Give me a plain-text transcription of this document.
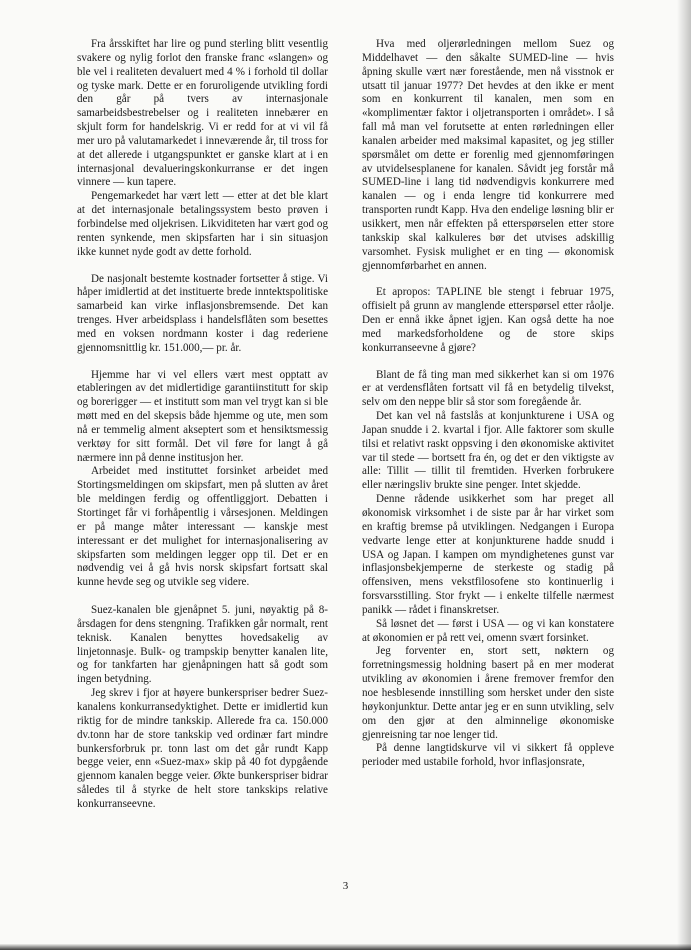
Fra årsskiftet har lire og pund sterling blitt vesentlig svakere og nylig forlot den franske franc «slangen» og ble vel i realiteten devaluert med 4 % i forhold til dollar og tyske mark. Dette er en foruroligende utvikling fordi den går på tvers av internasjonale samarbeidsbestrebelser og i realiteten innebærer en skjult form for handelskrig. Vi er redd for at vi vil få mer uro på valutamarkedet i inneværende år, til tross for at det allerede i utgangspunktet er ganske klart at i en internasjonal devalueringskonkurranse er det ingen vinnere — kun tapere.

Pengemarkedet har vært lett — etter at det ble klart at det internasjonale betalingssystem besto prøven i forbindelse med oljekrisen. Likviditeten har vært god og renten synkende, men skipsfarten har i sin situasjon ikke kunnet nyde godt av dette forhold.

De nasjonalt bestemte kostnader fortsetter å stige. Vi håper imidlertid at det instituerte brede inntektspolitiske samarbeid kan virke inflasjonsbremsende. Det kan trenges. Hver arbeidsplass i handelsflåten som besettes med en voksen nordmann koster i dag rederiene gjennomsnittlig kr. 151.000,— pr. år.

Hjemme har vi vel ellers vært mest opptatt av etableringen av det midlertidige garantiinstitutt for skip og borerigger — et institutt som man vel trygt kan si ble møtt med en del skepsis både hjemme og ute, men som nå er temmelig alment akseptert som et hensiktsmessig verktøy for sitt formål. Det vil føre for langt å gå nærmere inn på denne institusjon her.

Arbeidet med instituttet forsinket arbeidet med Stortingsmeldingen om skipsfart, men på slutten av året ble meldingen ferdig og offentliggjort. Debatten i Stortinget får vi forhåpentlig i vårsesjonen. Meldingen er på mange måter interessant — kanskje mest interessant er det mulighet for internasjonalisering av skipsfarten som meldingen legger opp til. Det er en nødvendig vei å gå hvis norsk skipsfart fortsatt skal kunne hevde seg og utvikle seg videre.

Suez-kanalen ble gjenåpnet 5. juni, nøyaktig på 8-årsdagen for dens stengning. Trafikken går normalt, rent teknisk. Kanalen benyttes hovedsakelig av linjetonnasje. Bulk- og trampskip benytter kanalen lite, og for tankfarten har gjenåpningen hatt så godt som ingen betydning.

Jeg skrev i fjor at høyere bunkerspriser bedrer Suez-kanalens konkurransedyktighet. Dette er imidlertid kun riktig for de mindre tankskip. Allerede fra ca. 150.000 dv.tonn har de store tankskip ved ordinær fart mindre bunkersforbruk pr. tonn last om det går rundt Kapp begge veier, enn «Suez-max» skip på 40 fot dypgående gjennom kanalen begge veier. Økte bunkerspriser bidrar således til å styrke de helt store tankskips relative konkurranseevne.

Hva med oljerørledningen mellom Suez og Middelhavet — den såkalte SUMED-line — hvis åpning skulle vært nær forestående, men nå visstnok er utsatt til januar 1977? Det hevdes at den ikke er ment som en konkurrent til kanalen, men som en «komplimentær faktor i oljetransporten i området». I så fall må man vel forutsette at enten rørledningen eller kanalen arbeider med maksimal kapasitet, og jeg stiller spørsmålet om dette er forenlig med gjennomføringen av utvidelsesplanene for kanalen. Såvidt jeg forstår må SUMED-line i lang tid nødvendigvis konkurrere med kanalen — og i enda lengre tid konkurrere med transporten rundt Kapp. Hva den endelige løsning blir er usikkert, men når effekten på etterspørselen etter store tankskip skal kalkuleres bør det utvises adskillig varsomhet. Fysisk mulighet er en ting — økonomisk gjennomførbarhet en annen.

Et apropos: TAPLINE ble stengt i februar 1975, offisielt på grunn av manglende etterspørsel etter råolje. Den er ennå ikke åpnet igjen. Kan også dette ha noe med markedsforholdene og de store skips konkurranseevne å gjøre?

Blant de få ting man med sikkerhet kan si om 1976 er at verdensflåten fortsatt vil få en betydelig tilvekst, selv om den neppe blir så stor som foregående år.

Det kan vel nå fastslås at konjunkturene i USA og Japan snudde i 2. kvartal i fjor. Alle faktorer som skulle tilsi et relativt raskt oppsving i den økonomiske aktivitet var til stede — bortsett fra én, og det er den viktigste av alle: Tillit — tillit til fremtiden. Hverken forbrukere eller næringsliv brukte sine penger. Intet skjedde.

Denne rådende usikkerhet som har preget all økonomisk virksomhet i de siste par år har virket som en kraftig bremse på utviklingen. Nedgangen i Europa vedvarte lenge etter at konjunkturene hadde snudd i USA og Japan. I kampen om myndighetenes gunst var inflasjonsbekjemperne de sterkeste og stadig på offensiven, mens vekstfilosofene sto kontinuerlig i forsvarsstilling. Stor frykt — i enkelte tilfelle nærmest panikk — rådet i finanskretser.

Så løsnet det — først i USA — og vi kan konstatere at økonomien er på rett vei, omenn svært forsinket.

Jeg forventer en, stort sett, nøktern og forretningsmessig holdning basert på en mer moderat utvikling av økonomien i årene fremover fremfor den noe hesblesende innstilling som hersket under den siste høykonjunktur. Dette antar jeg er en sunn utvikling, selv om den gjør at den alminnelige økonomiske gjenreisning tar noe lenger tid.

På denne langtidskurve vil vi sikkert få oppleve perioder med ustabile forhold, hvor inflasjonsrate,

3
